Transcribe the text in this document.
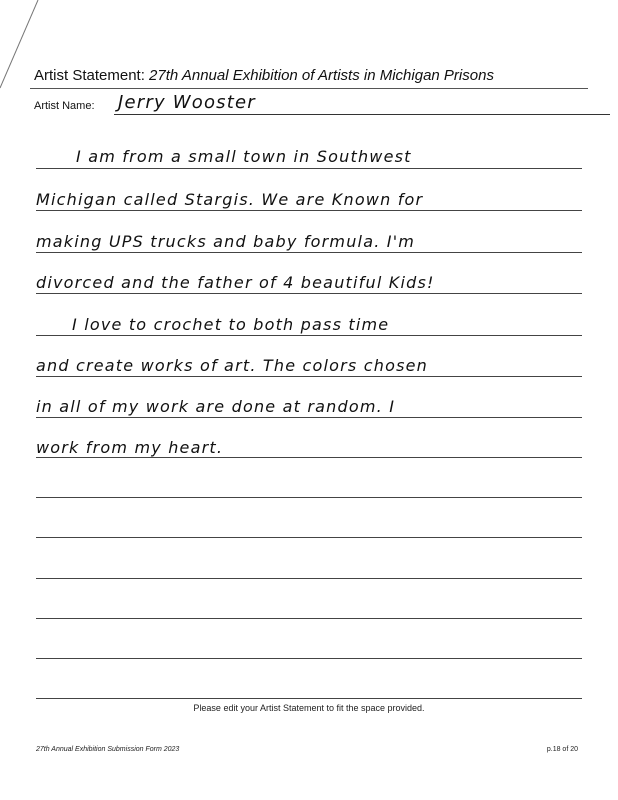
Artist Statement: 27th Annual Exhibition of Artists in Michigan Prisons
Artist Name: Jerry Wooster
I am from a small town in Southwest
Michigan called Stargis. We are Known for
making UPS trucks and baby formula. I'm
divorced and the father of 4 beautiful Kids!
I love to crochet to both pass time
and create works of art. The colors chosen
in all of my work are done at random. I
work from my heart.
Please edit your Artist Statement to fit the space provided.
27th Annual Exhibition Submission Form 2023	p.18 of 20
